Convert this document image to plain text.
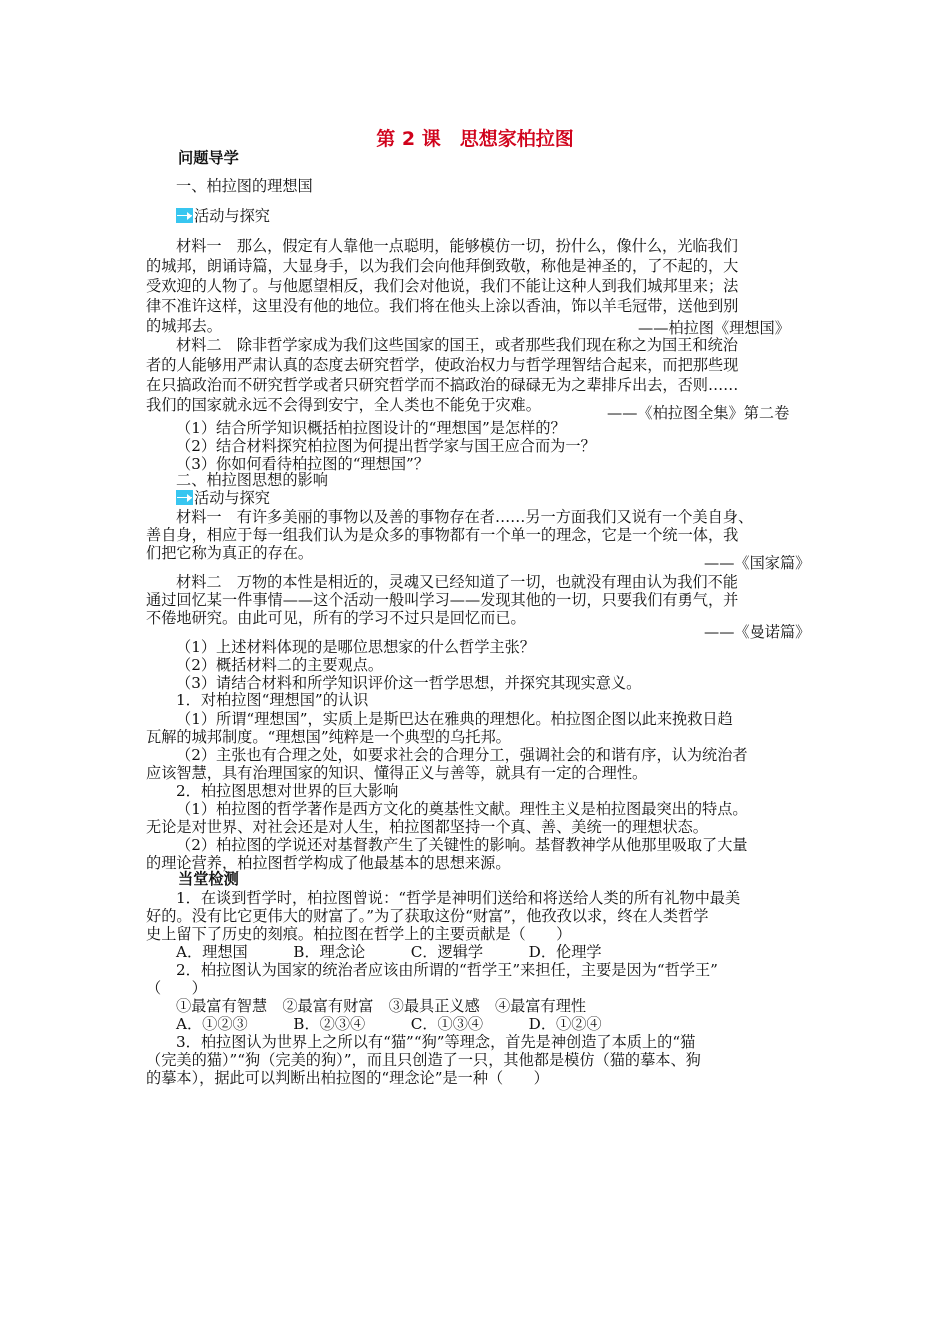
第 2 课　思想家柏拉图
问题导学
一、柏拉图的理想国
活动与探究
材料一　那么，假定有人靠他一点聪明，能够模仿一切，扮什么，像什么，光临我们
的城邦，朗诵诗篇，大显身手，以为我们会向他拜倒致敬，称他是神圣的，了不起的，大
受欢迎的人物了。与他愿望相反，我们会对他说，我们不能让这种人到我们城邦里来；法
律不准许这样，这里没有他的地位。我们将在他头上涂以香油，饰以羊毛冠带，送他到别
的城邦去。	——柏拉图《理想国》
材料二　除非哲学家成为我们这些国家的国王，或者那些我们现在称之为国王和统治
者的人能够用严肃认真的态度去研究哲学，使政治权力与哲学理智结合起来，而把那些现
在只搞政治而不研究哲学或者只研究哲学而不搞政治的碌碌无为之辈排斥出去，否则……
我们的国家就永远不会得到安宁，全人类也不能免于灾难。	——《柏拉图全集》第二卷
（1）结合所学知识概括柏拉图设计的“理想国”是怎样的？
（2）结合材料探究柏拉图为何提出哲学家与国王应合而为一？
（3）你如何看待柏拉图的“理想国”？
二、柏拉图思想的影响
活动与探究
材料一　有许多美丽的事物以及善的事物存在者……另一方面我们又说有一个美自身、
善自身，相应于每一组我们认为是众多的事物都有一个单一的理念，它是一个统一体，我
们把它称为真正的存在。
——《国家篇》
材料二　万物的本性是相近的，灵魂又已经知道了一切，也就没有理由认为我们不能
通过回忆某一件事情——这个活动一般叫学习——发现其他的一切，只要我们有勇气，并
不倦地研究。由此可见，所有的学习不过只是回忆而已。
——《曼诺篇》
（1）上述材料体现的是哪位思想家的什么哲学主张？
（2）概括材料二的主要观点。
（3）请结合材料和所学知识评价这一哲学思想，并探究其现实意义。
1．对柏拉图“理想国”的认识
（1）所谓“理想国”，实质上是斯巴达在雅典的理想化。柏拉图企图以此来挽救日趋
瓦解的城邦制度。“理想国”纯粹是一个典型的乌托邦。
（2）主张也有合理之处，如要求社会的合理分工，强调社会的和谐有序，认为统治者
应该智慧，具有治理国家的知识、懂得正义与善等，就具有一定的合理性。
2．柏拉图思想对世界的巨大影响
（1）柏拉图的哲学著作是西方文化的奠基性文献。理性主义是柏拉图最突出的特点。
无论是对世界、对社会还是对人生，柏拉图都坚持一个真、善、美统一的理想状态。
（2）柏拉图的学说还对基督教产生了关键性的影响。基督教神学从他那里吸取了大量
的理论营养，柏拉图哲学构成了他最基本的思想来源。
当堂检测
1．在谈到哲学时，柏拉图曾说：“哲学是神明们送给和将送给人类的所有礼物中最美
好的。没有比它更伟大的财富了。”为了获取这份“财富”，他孜孜以求，终在人类哲学
史上留下了历史的刻痕。柏拉图在哲学上的主要贡献是（　　）
A．理想国　　　B．理念论　　　C．逻辑学　　　D．伦理学
2．柏拉图认为国家的统治者应该由所谓的“哲学王”来担任，主要是因为“哲学王”
（　　）
①最富有智慧　②最富有财富　③最具正义感　④最富有理性
A．①②③　　　B．②③④　　　C．①③④　　　D．①②④
3．柏拉图认为世界上之所以有“猫”“狗”等理念，首先是神创造了本质上的“猫
（完美的猫）”“狗（完美的狗）”，而且只创造了一只，其他都是模仿（猫的摹本、狗
的摹本），据此可以判断出柏拉图的“理念论”是一种（　　）
